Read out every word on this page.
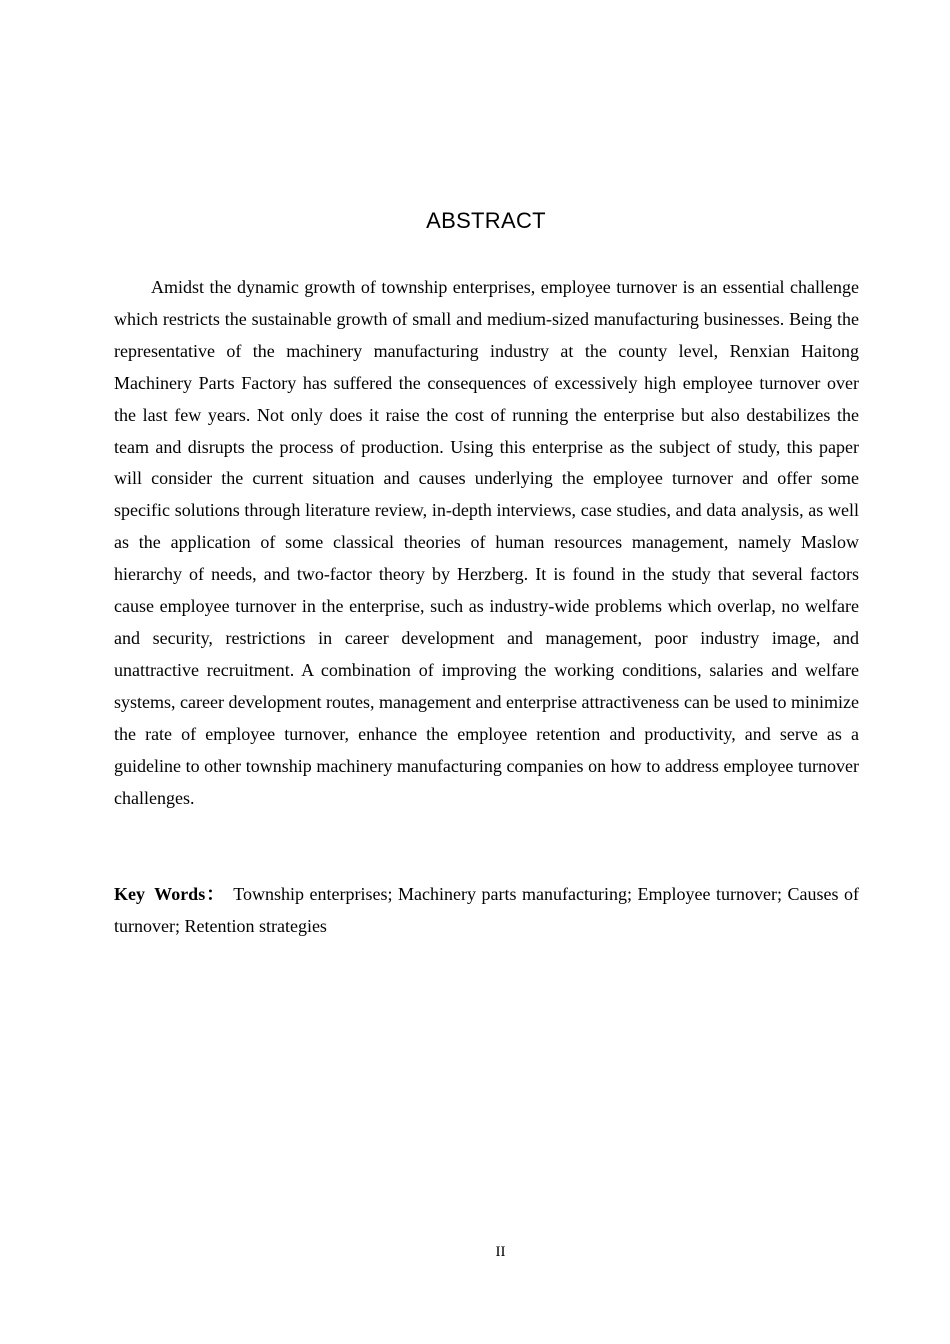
ABSTRACT

Amidst the dynamic growth of township enterprises, employee turnover is an essential challenge which restricts the sustainable growth of small and medium-sized manufacturing businesses. Being the representative of the machinery manufacturing industry at the county level, Renxian Haitong Machinery Parts Factory has suffered the consequences of excessively high employee turnover over the last few years. Not only does it raise the cost of running the enterprise but also destabilizes the team and disrupts the process of production. Using this enterprise as the subject of study, this paper will consider the current situation and causes underlying the employee turnover and offer some specific solutions through literature review, in-depth interviews, case studies, and data analysis, as well as the application of some classical theories of human resources management, namely Maslow hierarchy of needs, and two-factor theory by Herzberg. It is found in the study that several factors cause employee turnover in the enterprise, such as industry-wide problems which overlap, no welfare and security, restrictions in career development and management, poor industry image, and unattractive recruitment. A combination of improving the working conditions, salaries and welfare systems, career development routes, management and enterprise attractiveness can be used to minimize the rate of employee turnover, enhance the employee retention and productivity, and serve as a guideline to other township machinery manufacturing companies on how to address employee turnover challenges.

Key Words： Township enterprises; Machinery parts manufacturing; Employee turnover; Causes of turnover; Retention strategies

II
